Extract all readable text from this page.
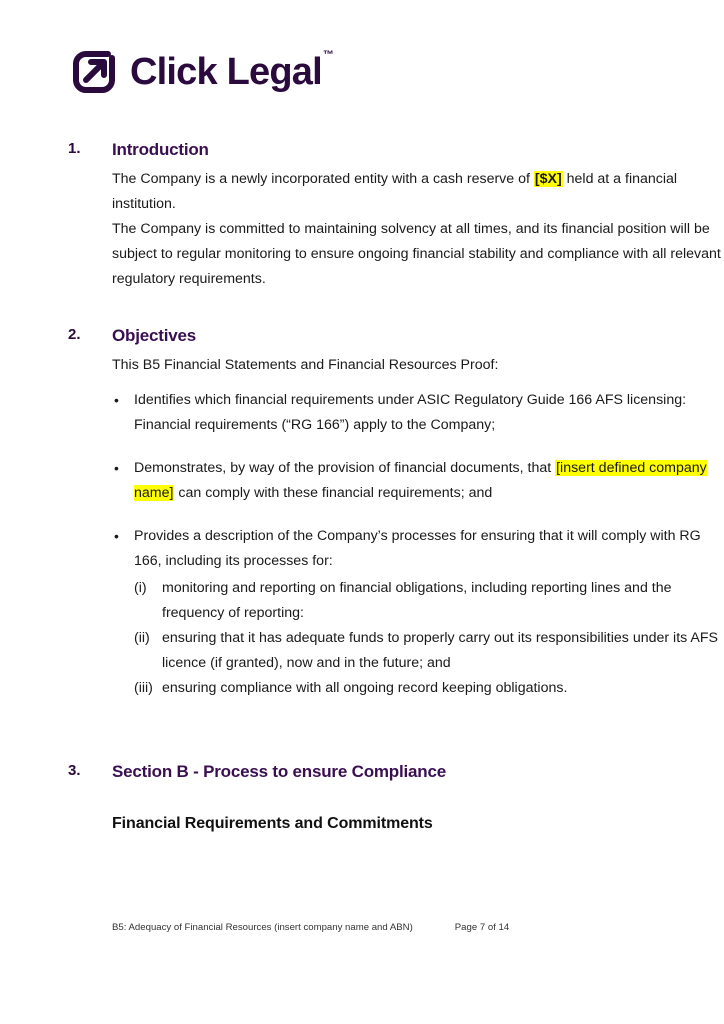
Click Legal™
1.	Introduction

The Company is a newly incorporated entity with a cash reserve of [$X] held at a financial institution.

The Company is committed to maintaining solvency at all times, and its financial position will be subject to regular monitoring to ensure ongoing financial stability and compliance with all relevant regulatory requirements.

2.	Objectives

This B5 Financial Statements and Financial Resources Proof:

• Identifies which financial requirements under ASIC Regulatory Guide 166 AFS licensing: Financial requirements (“RG 166”) apply to the Company;
• Demonstrates, by way of the provision of financial documents, that [insert defined company name] can comply with these financial requirements; and
• Provides a description of the Company’s processes for ensuring that it will comply with RG 166, including its processes for:
(i)	monitoring and reporting on financial obligations, including reporting lines and the frequency of reporting:
(ii) ensuring that it has adequate funds to properly carry out its responsibilities under its AFS licence (if granted), now and in the future; and
(iii) ensuring compliance with all ongoing record keeping obligations.
3.	Section B - Process to ensure Compliance
Financial Requirements and Commitments
B5: Adequacy of Financial Resources (insert company name and ABN)	Page 7 of 14
